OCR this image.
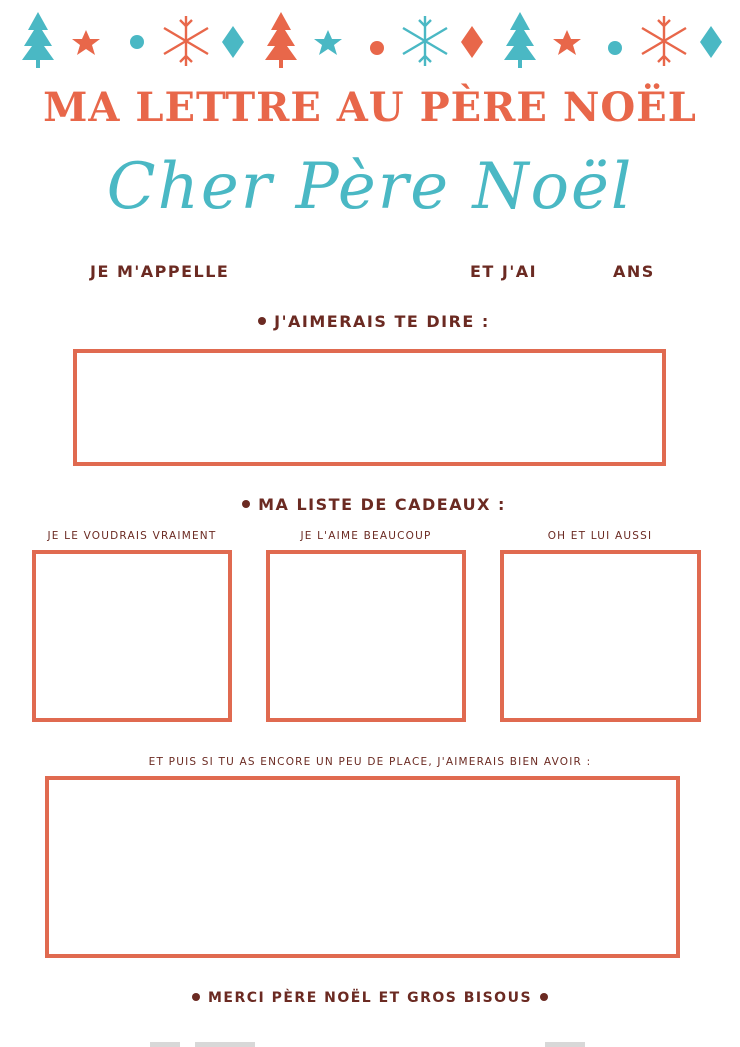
MA LETTRE AU PÈRE NOËL
Cher Père Noël
JE M'APPELLE	ET J'AI	ANS
J'AIMERAIS TE DIRE :
MA LISTE DE CADEAUX :
JE LE VOUDRAIS VRAIMENT	JE L'AIME BEAUCOUP	OH ET LUI AUSSI
ET PUIS SI TU AS ENCORE UN PEU DE PLACE, J'AIMERAIS BIEN AVOIR :
MERCI PÈRE NOËL ET GROS BISOUS
